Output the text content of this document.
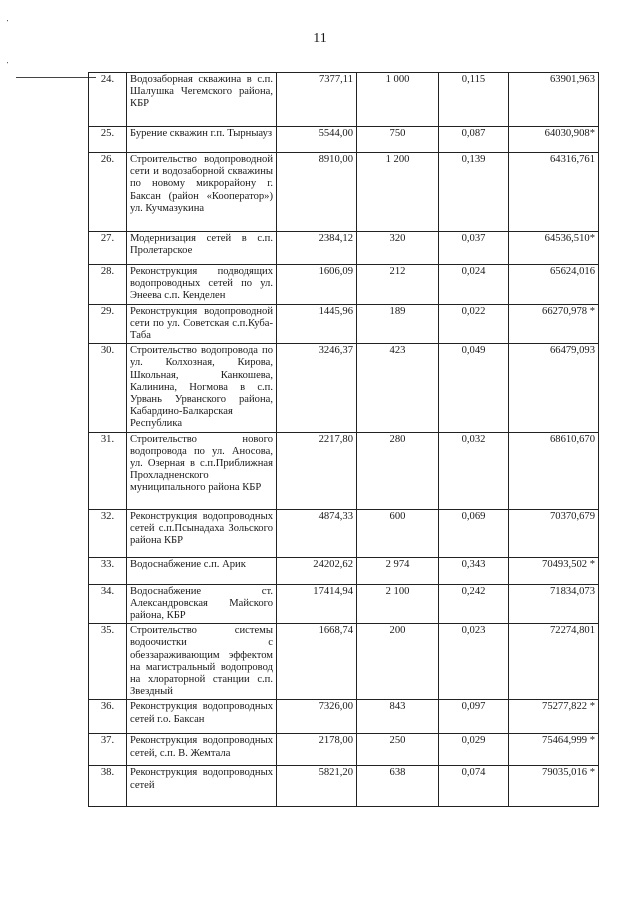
ॱ
ॱ
11
24.	Водозаборная скважина в с.п. Шалушка Чегемского района, КБР	7377,11	1 000	0,115	63901,963
25.	Бурение скважин г.п. Тырныауз	5544,00	750	0,087	64030,908*
26.	Строительство водопроводной сети и водозаборной скважины по новому микрорайону г. Баксан (район «Кооператор») ул. Кучмазукина	8910,00	1 200	0,139	64316,761
27.	Модернизация сетей в с.п. Пролетарское	2384,12	320	0,037	64536,510*
28.	Реконструкция подводящих водопроводных сетей по ул. Энеева с.п. Кенделен	1606,09	212	0,024	65624,016
29.	Реконструкция водопроводной сети по ул. Советская с.п.Куба-Таба	1445,96	189	0,022	66270,978 *
30.	Строительство водопровода по ул. Колхозная, Кирова, Школьная, Канкошева, Калинина, Ногмова в с.п. Урвань Урванского района, Кабардино-Балкарская Республика	3246,37	423	0,049	66479,093
31.	Строительство нового водопровода по ул. Аносова, ул. Озерная в с.п.Приближная Прохладненского муниципального района КБР	2217,80	280	0,032	68610,670
32.	Реконструкция водопроводных сетей с.п.Псынадаха Зольского района КБР	4874,33	600	0,069	70370,679
33.	Водоснабжение с.п. Арик	24202,62	2 974	0,343	70493,502 *
34.	Водоснабжение ст. Александровская Майского района, КБР	17414,94	2 100	0,242	71834,073
35.	Строительство системы водоочистки с обеззараживающим эффектом на магистральный водопровод на хлораторной станции с.п. Звездный	1668,74	200	0,023	72274,801
36.	Реконструкция водопроводных сетей г.о. Баксан	7326,00	843	0,097	75277,822 *
37.	Реконструкция водопроводных сетей, с.п. В. Жемтала	2178,00	250	0,029	75464,999 *
38.	Реконструкция водопроводных сетей	5821,20	638	0,074	79035,016 *
